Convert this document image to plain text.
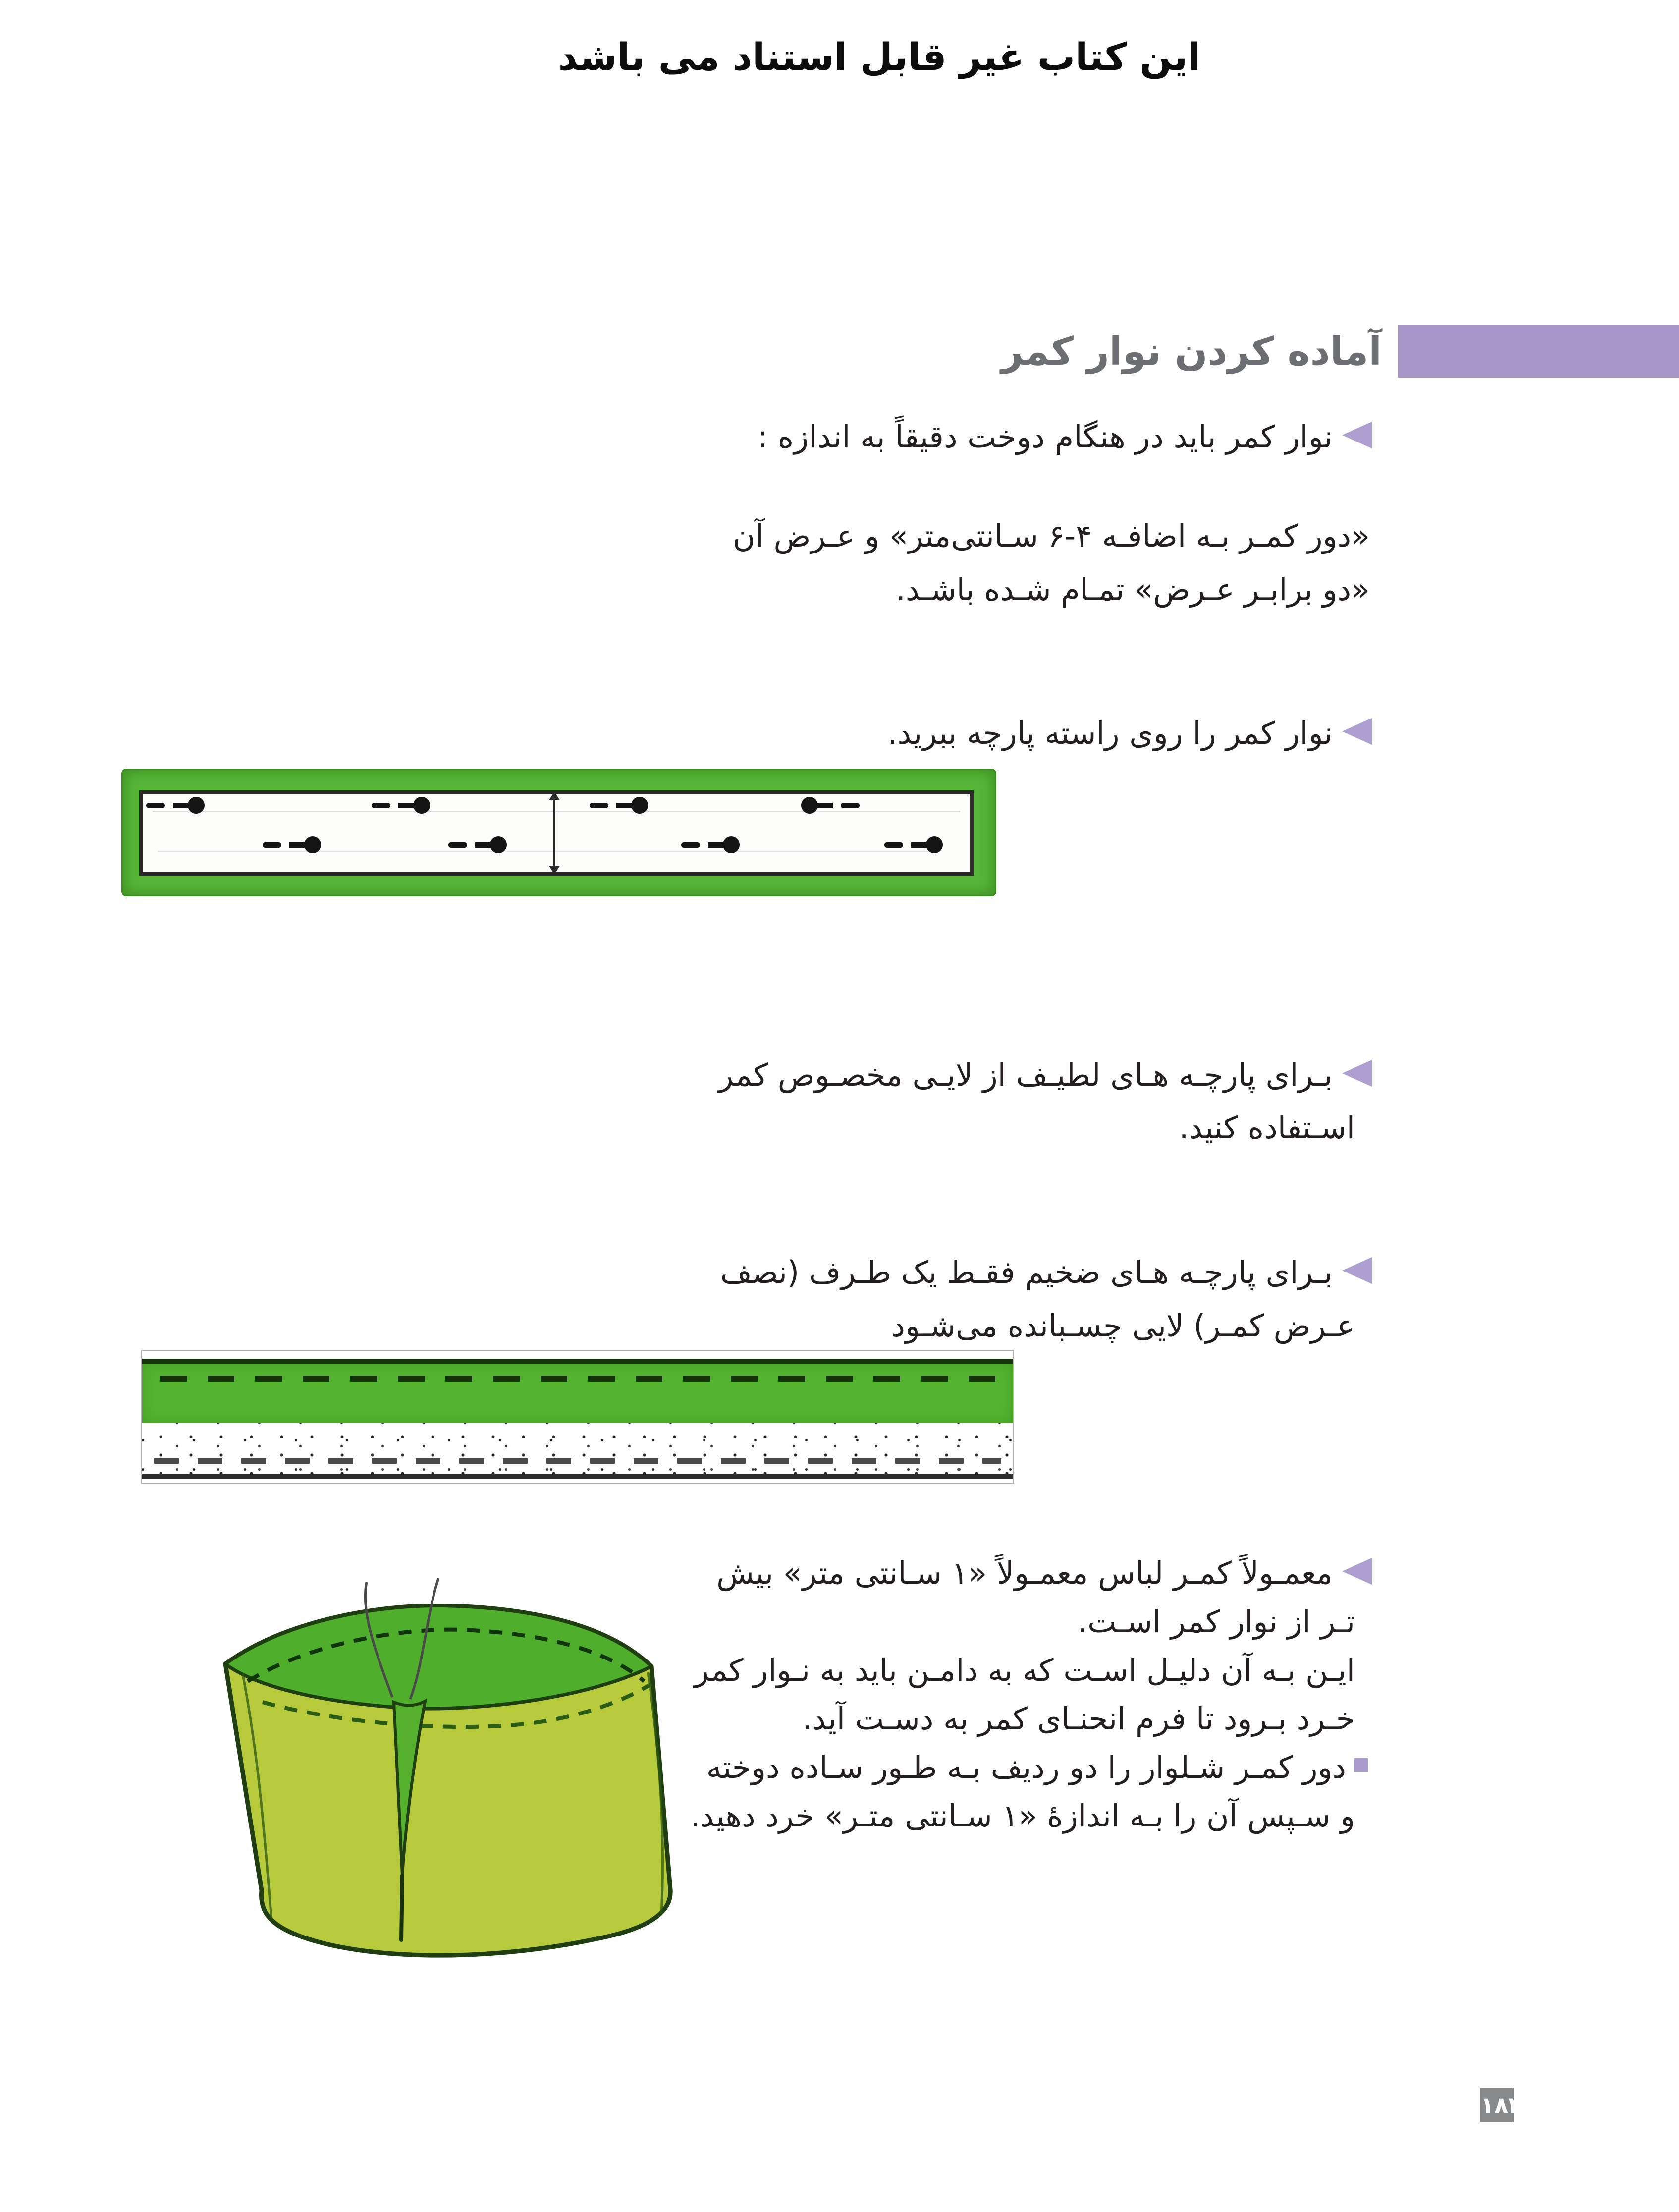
این کتاب غیر قابل استناد می باشد
آماده کردن نوار کمر
نوار کمر باید در هنگام دوخت دقیقاً به اندازه :
«دور کمـر بـه اضافـه ۴-۶ سـانتی‌متر» و عـرض آن
«دو برابـر عـرض» تمـام شـده باشـد.
نوار کمر را روی راسته پارچه ببرید.
بـرای پارچـه هـای لطیـف از لایـی مخصـوص کمر
اسـتفاده کنید.
بـرای پارچـه هـای ضخیم فقـط یک طـرف (نصف
عـرض کمـر) لایی چسـبانده می‌شـود
معمـولاً کمـر لباس معمـولاً «۱ سـانتی متر» بیش
تـر از نوار کمر اسـت.
ایـن بـه آن دلیـل اسـت که به دامـن باید به نـوار کمر
خـرد بـرود تا فرم انحنـای کمر به دسـت آید.
دور کمـر شـلوار را دو ردیف بـه طـور سـاده دوخته
و سـپس آن را بـه اندازۀ «۱ سـانتی متـر» خرد دهید.
۱۸۲
